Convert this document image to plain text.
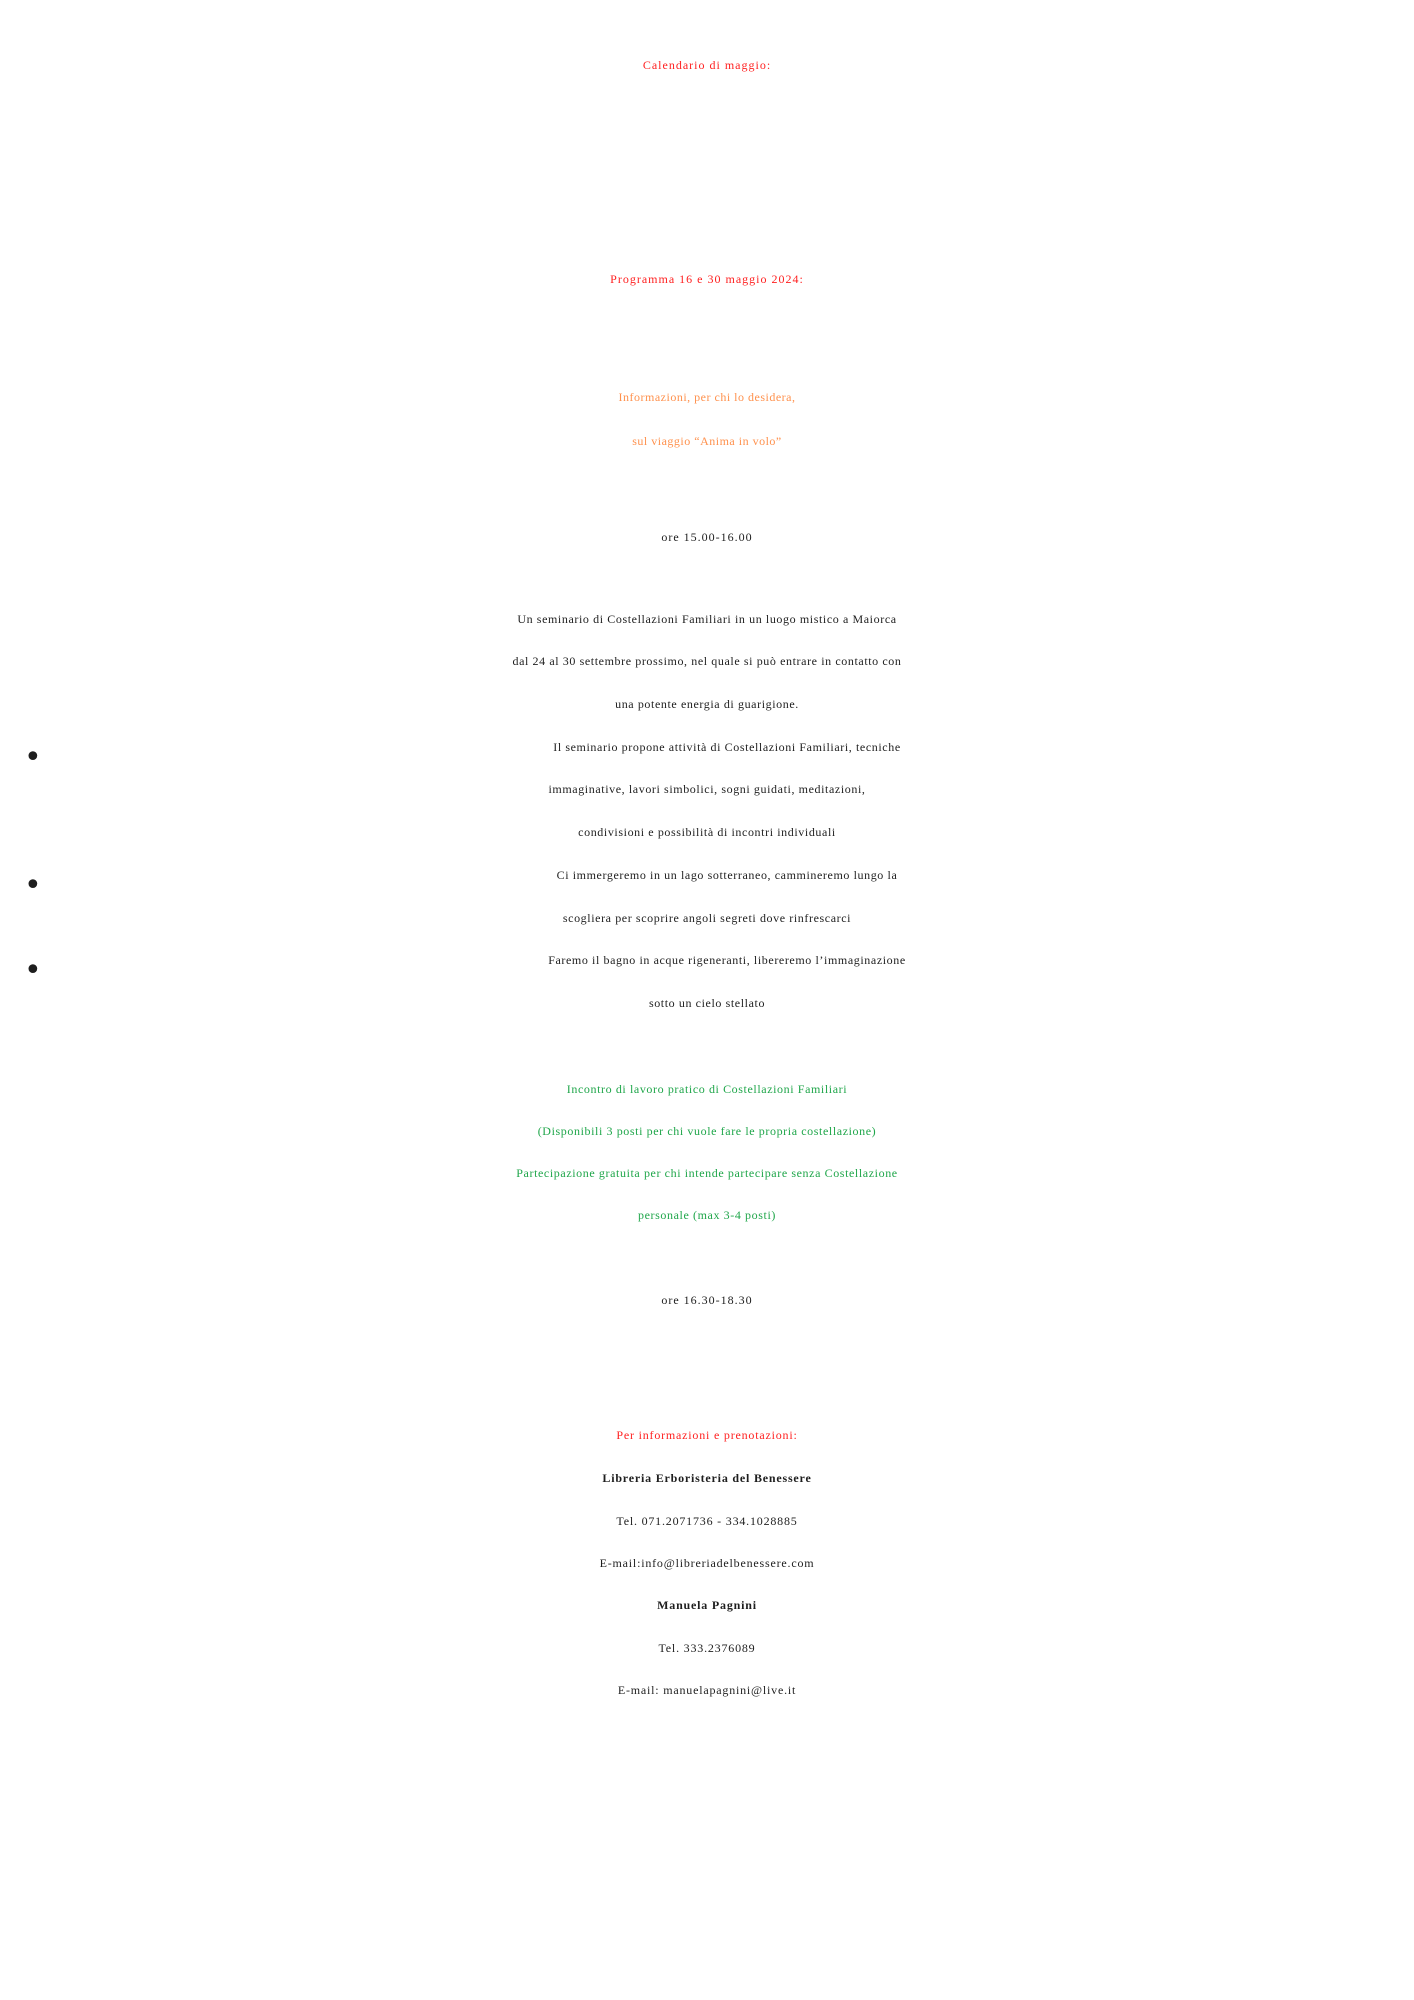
Calendario di maggio:
Programma 16 e 30 maggio 2024:
Informazioni, per chi lo desidera,
sul viaggio “Anima in volo”
ore 15.00-16.00
Un seminario di Costellazioni Familiari in un luogo mistico a Maiorca
dal 24 al 30 settembre prossimo, nel quale si può entrare in contatto con
una potente energia di guarigione.
•	Il seminario propone attività di Costellazioni Familiari, tecniche
immaginative, lavori simbolici, sogni guidati, meditazioni,
condivisioni e possibilità di incontri individuali
•	Ci immergeremo in un lago sotterraneo, cammineremo lungo la
scogliera per scoprire angoli segreti dove rinfrescarci
•	Faremo il bagno in acque rigeneranti, libereremo l’immaginazione
sotto un cielo stellato
Incontro di lavoro pratico di Costellazioni Familiari
(Disponibili 3 posti per chi vuole fare le propria costellazione)
Partecipazione gratuita per chi intende partecipare senza Costellazione
personale (max 3-4 posti)
ore 16.30-18.30
Per informazioni e prenotazioni:
Libreria Erboristeria del Benessere
Tel. 071.2071736 - 334.1028885
E-mail:info@libreriadelbenessere.com
Manuela Pagnini
Tel. 333.2376089
E-mail: manuelapagnini@live.it
